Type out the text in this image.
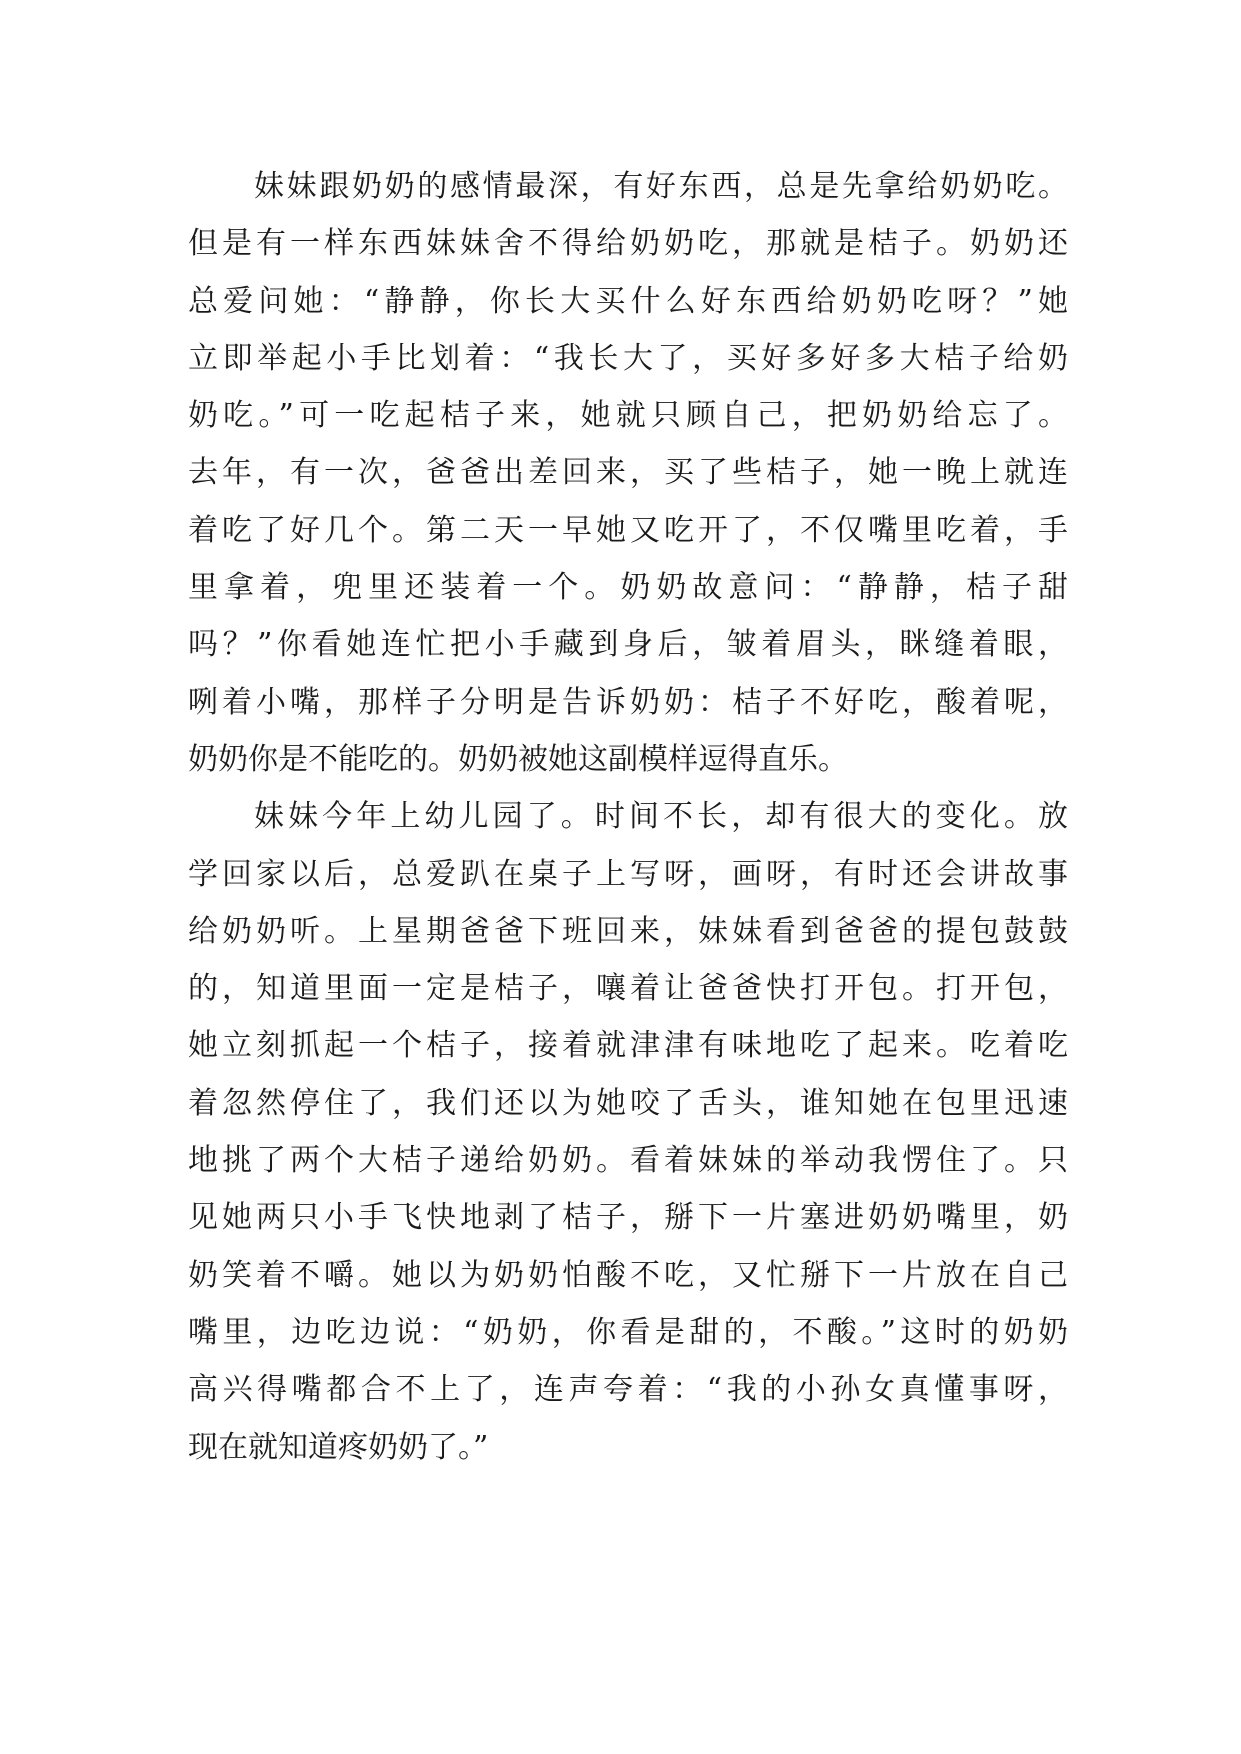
妹妹跟奶奶的感情最深，有好东西，总是先拿给奶奶吃。
但是有一样东西妹妹舍不得给奶奶吃，那就是桔子。奶奶还
总爱问她：“静静，你长大买什么好东西给奶奶吃呀？”她
立即举起小手比划着：“我长大了，买好多好多大桔子给奶
奶吃。”可一吃起桔子来，她就只顾自己，把奶奶给忘了。
去年，有一次，爸爸出差回来，买了些桔子，她一晚上就连
着吃了好几个。第二天一早她又吃开了，不仅嘴里吃着，手
里拿着，兜里还装着一个。奶奶故意问：“静静，桔子甜
吗？”你看她连忙把小手藏到身后，皱着眉头，眯缝着眼，
咧着小嘴，那样子分明是告诉奶奶：桔子不好吃，酸着呢，
奶奶你是不能吃的。奶奶被她这副模样逗得直乐。
妹妹今年上幼儿园了。时间不长，却有很大的变化。放
学回家以后，总爱趴在桌子上写呀，画呀，有时还会讲故事
给奶奶听。上星期爸爸下班回来，妹妹看到爸爸的提包鼓鼓
的，知道里面一定是桔子，嚷着让爸爸快打开包。打开包，
她立刻抓起一个桔子，接着就津津有味地吃了起来。吃着吃
着忽然停住了，我们还以为她咬了舌头，谁知她在包里迅速
地挑了两个大桔子递给奶奶。看着妹妹的举动我愣住了。只
见她两只小手飞快地剥了桔子，掰下一片塞进奶奶嘴里，奶
奶笑着不嚼。她以为奶奶怕酸不吃，又忙掰下一片放在自己
嘴里，边吃边说：“奶奶，你看是甜的，不酸。”这时的奶奶
高兴得嘴都合不上了，连声夸着：“我的小孙女真懂事呀，
现在就知道疼奶奶了。”
